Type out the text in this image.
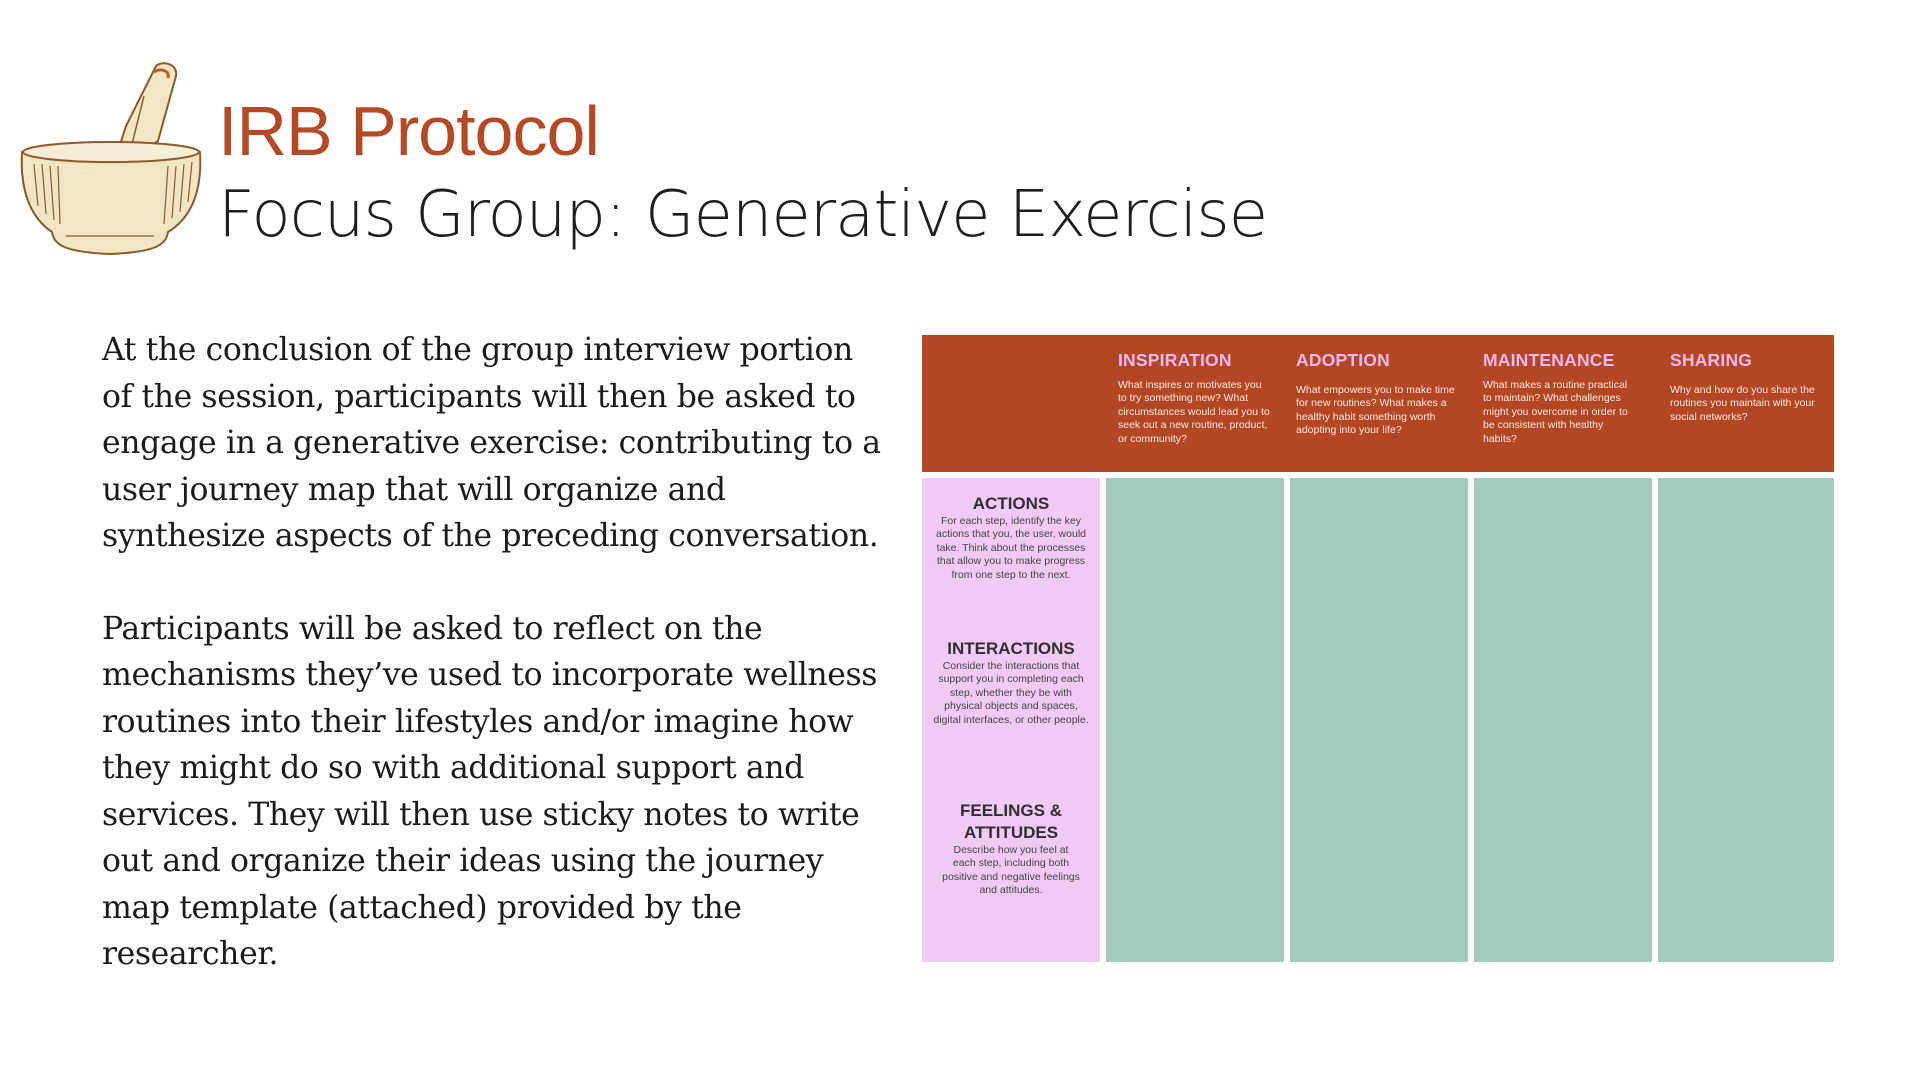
IRB Protocol
Focus Group: Generative Exercise

At the conclusion of the group interview portion of the session, participants will then be asked to engage in a generative exercise: contributing to a user journey map that will organize and synthesize aspects of the preceding conversation.

Participants will be asked to reflect on the mechanisms they’ve used to incorporate wellness routines into their lifestyles and/or imagine how they might do so with additional support and services. They will then use sticky notes to write out and organize their ideas using the journey map template (attached) provided by the researcher.

INSPIRATION
What inspires or motivates you to try something new? What circumstances would lead you to seek out a new routine, product, or community?
ADOPTION
What empowers you to make time for new routines? What makes a healthy habit something worth adopting into your life?
MAINTENANCE
What makes a routine practical to maintain? What challenges might you overcome in order to be consistent with healthy habits?
SHARING
Why and how do you share the routines you maintain with your social networks?
ACTIONS
For each step, identify the key actions that you, the user, would take. Think about the processes that allow you to make progress from one step to the next.
INTERACTIONS
Consider the interactions that support you in completing each step, whether they be with physical objects and spaces, digital interfaces, or other people.
FEELINGS & ATTITUDES
Describe how you feel at each step, including both positive and negative feelings and attitudes.
